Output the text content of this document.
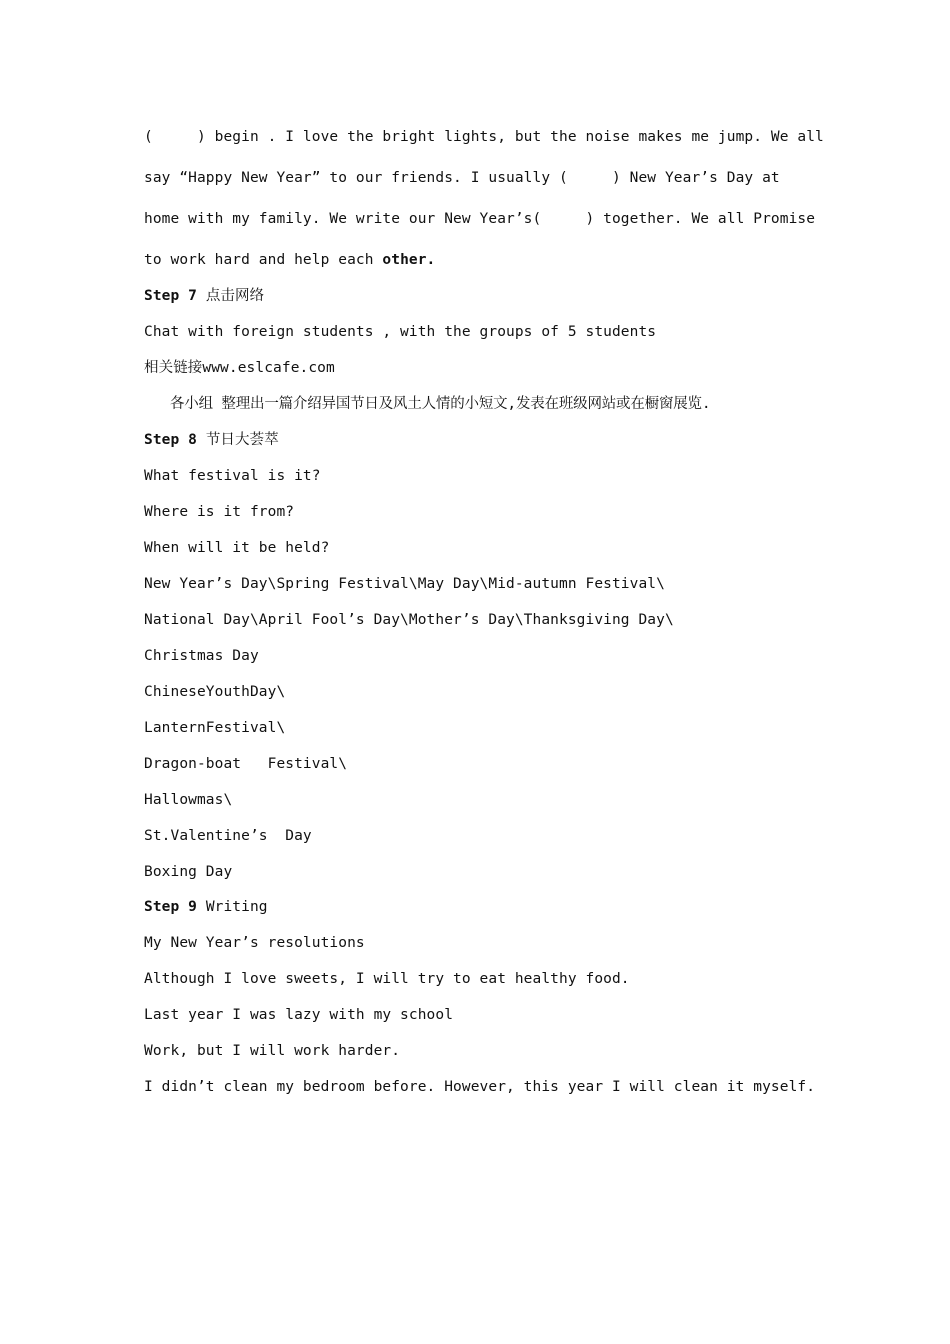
(     ) begin . I love the bright lights, but the noise makes me jump. We all
say “Happy New Year” to our friends. I usually (     ) New Year’s Day at
home with my family. We write our New Year’s(     ) together. We all Promise
to work hard and help each other.
Step 7 点击网络
Chat with foreign students , with the groups of 5 students
相关链接www.eslcafe.com
各小组 整理出一篇介绍异国节日及风土人情的小短文,发表在班级网站或在橱窗展览.
Step 8 节日大荟萃
What festival is it?
Where is it from?
When will it be held?
New Year’s Day\Spring Festival\May Day\Mid-autumn Festival\
National Day\April Fool’s Day\Mother’s Day\Thanksgiving Day\
Christmas Day
ChineseYouthDay\
LanternFestival\
Dragon-boat   Festival\
Hallowmas\
St.Valentine’s  Day
Boxing Day
Step 9 Writing
My New Year’s resolutions
Although I love sweets, I will try to eat healthy food.
Last year I was lazy with my school
Work, but I will work harder.
I didn’t clean my bedroom before. However, this year I will clean it myself.
